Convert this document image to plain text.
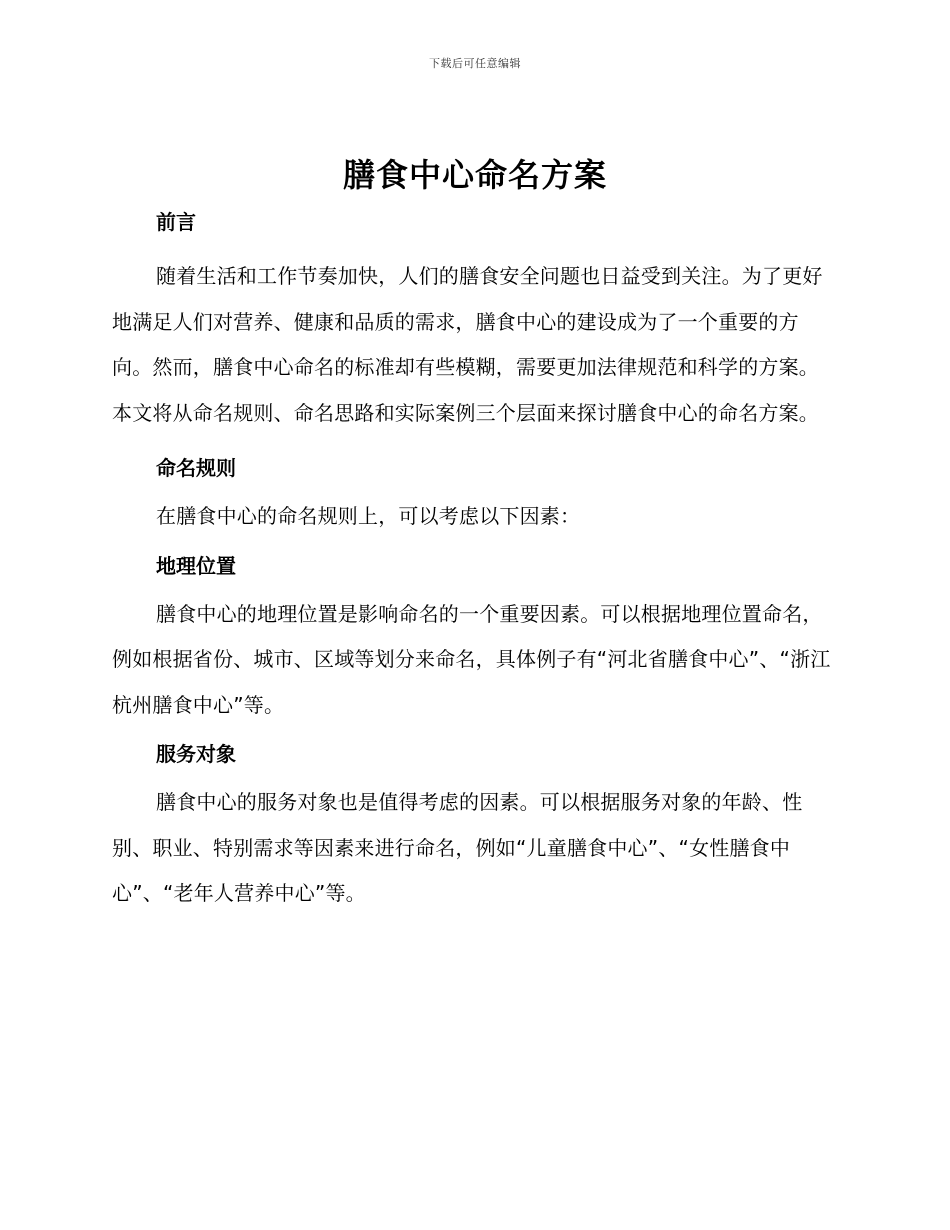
下载后可任意编辑
膳食中心命名方案
前言

随着生活和工作节奏加快，人们的膳食安全问题也日益受到关注。为了更好地满足人们对营养、健康和品质的需求，膳食中心的建设成为了一个重要的方向。然而，膳食中心命名的标准却有些模糊，需要更加法律规范和科学的方案。本文将从命名规则、命名思路和实际案例三个层面来探讨膳食中心的命名方案。

命名规则

在膳食中心的命名规则上，可以考虑以下因素：

地理位置

膳食中心的地理位置是影响命名的一个重要因素。可以根据地理位置命名，例如根据省份、城市、区域等划分来命名，具体例子有“河北省膳食中心”、“浙江杭州膳食中心”等。

服务对象

膳食中心的服务对象也是值得考虑的因素。可以根据服务对象的年龄、性别、职业、特别需求等因素来进行命名，例如“儿童膳食中心”、“女性膳食中心”、“老年人营养中心”等。
